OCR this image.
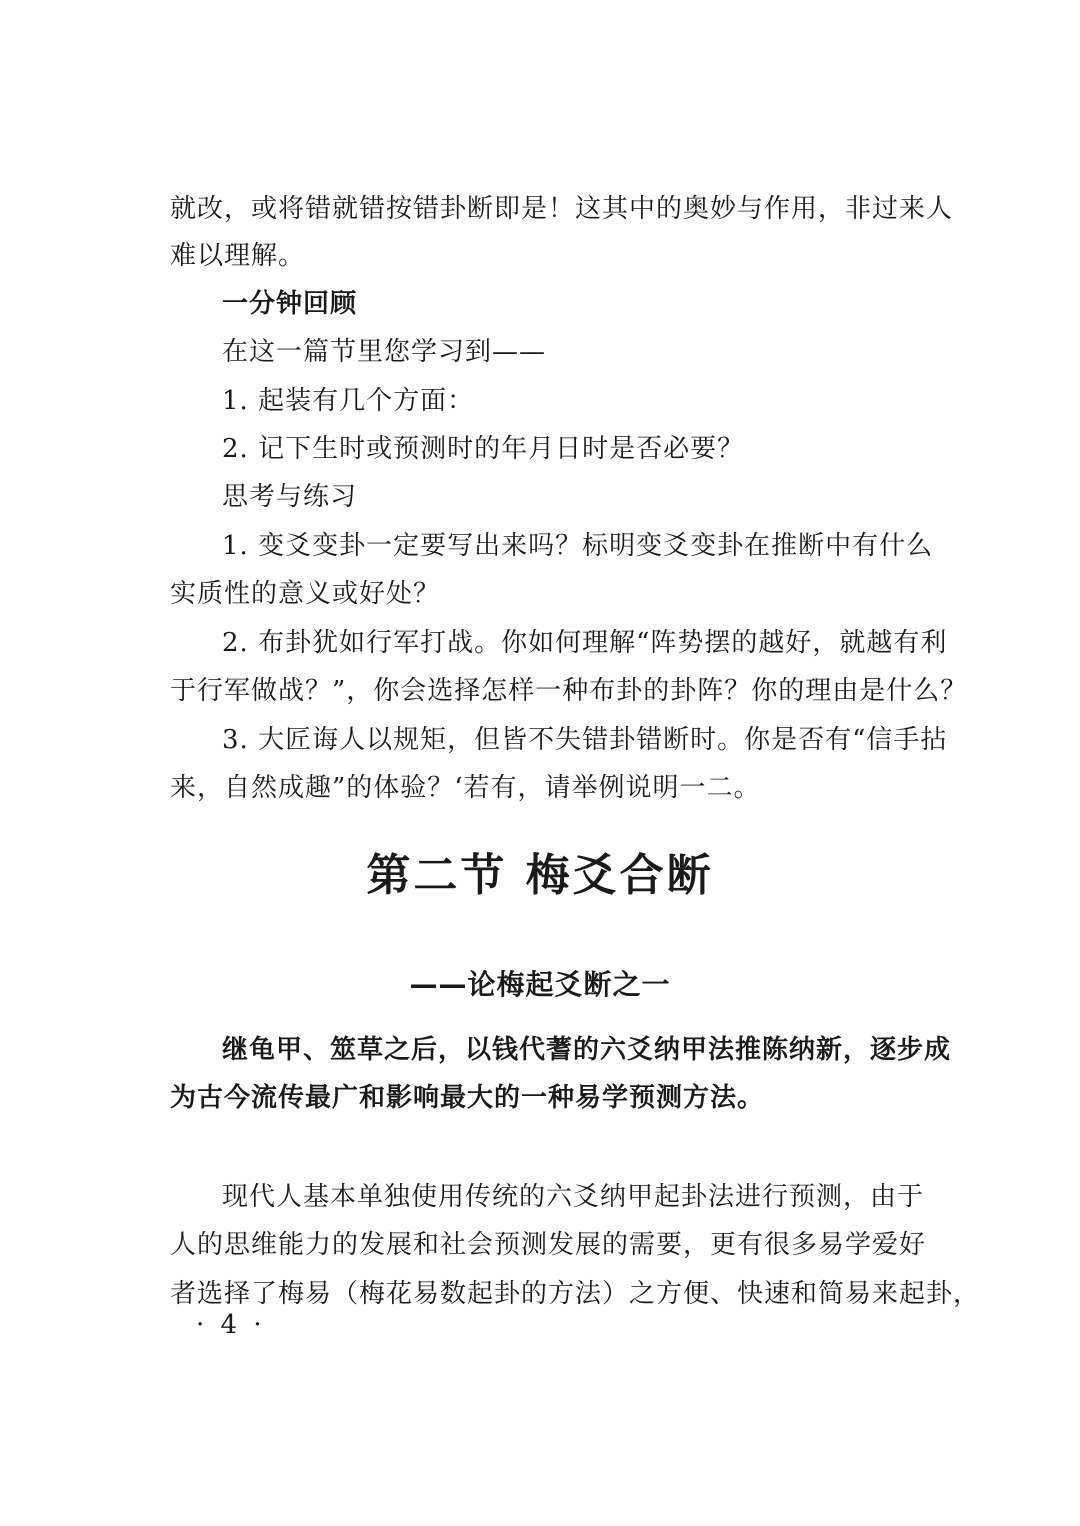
就改，或将错就错按错卦断即是！这其中的奥妙与作用，非过来人
难以理解。
一分钟回顾
在这一篇节里您学习到——
1. 起装有几个方面：
2. 记下生时或预测时的年月日时是否必要？
思考与练习
1. 变爻变卦一定要写出来吗？标明变爻变卦在推断中有什么
实质性的意义或好处？
2. 布卦犹如行军打战。你如何理解“阵势摆的越好，就越有利
于行军做战？”，你会选择怎样一种布卦的卦阵？你的理由是什么？
3. 大匠诲人以规矩，但皆不失错卦错断时。你是否有“信手拈
来，自然成趣”的体验？‘若有，请举例说明一二。
第二节 梅爻合断
——论梅起爻断之一
继龟甲、筮草之后，以钱代蓍的六爻纳甲法推陈纳新，逐步成
为古今流传最广和影响最大的一种易学预测方法。
现代人基本单独使用传统的六爻纳甲起卦法进行预测，由于
人的思维能力的发展和社会预测发展的需要，更有很多易学爱好
者选择了梅易（梅花易数起卦的方法）之方便、快速和简易来起卦，
· 4 ·
